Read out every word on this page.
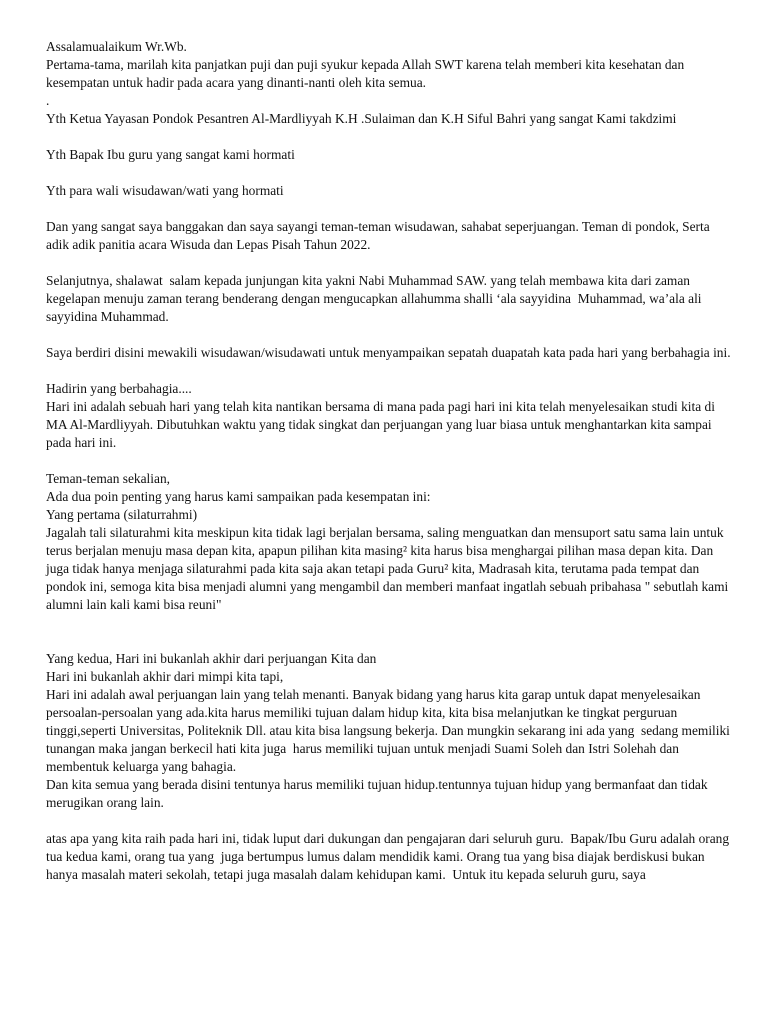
Assalamualaikum Wr.Wb.

Pertama-tama, marilah kita panjatkan puji dan puji syukur kepada Allah SWT karena telah memberi kita kesehatan dan kesempatan untuk hadir pada acara yang dinanti-nanti oleh kita semua.

.

Yth Ketua Yayasan Pondok Pesantren Al-Mardliyyah K.H .Sulaiman dan K.H Siful Bahri yang sangat Kami takdzimi

Yth Bapak Ibu guru yang sangat kami hormati

Yth para wali wisudawan/wati yang hormati

Dan yang sangat saya banggakan dan saya sayangi teman-teman wisudawan, sahabat seperjuangan. Teman di pondok, Serta adik adik panitia acara Wisuda dan Lepas Pisah Tahun 2022.

Selanjutnya, shalawat  salam kepada junjungan kita yakni Nabi Muhammad SAW. yang telah membawa kita dari zaman kegelapan menuju zaman terang benderang dengan mengucapkan allahumma shalli ‘ala sayyidina  Muhammad, wa’ala ali sayyidina Muhammad.

Saya berdiri disini mewakili wisudawan/wisudawati untuk menyampaikan sepatah duapatah kata pada hari yang berbahagia ini.

Hadirin yang berbahagia....

Hari ini adalah sebuah hari yang telah kita nantikan bersama di mana pada pagi hari ini kita telah menyelesaikan studi kita di MA Al-Mardliyyah. Dibutuhkan waktu yang tidak singkat dan perjuangan yang luar biasa untuk menghantarkan kita sampai pada hari ini.

Teman-teman sekalian,

Ada dua poin penting yang harus kami sampaikan pada kesempatan ini:

Yang pertama (silaturrahmi)

Jagalah tali silaturahmi kita meskipun kita tidak lagi berjalan bersama, saling menguatkan dan mensuport satu sama lain untuk terus berjalan menuju masa depan kita, apapun pilihan kita masing² kita harus bisa menghargai pilihan masa depan kita. Dan juga tidak hanya menjaga silaturahmi pada kita saja akan tetapi pada Guru² kita, Madrasah kita, terutama pada tempat dan pondok ini, semoga kita bisa menjadi alumni yang mengambil dan memberi manfaat ingatlah sebuah pribahasa " sebutlah kami alumni lain kali kami bisa reuni"

Yang kedua, Hari ini bukanlah akhir dari perjuangan Kita dan

Hari ini bukanlah akhir dari mimpi kita tapi,

Hari ini adalah awal perjuangan lain yang telah menanti. Banyak bidang yang harus kita garap untuk dapat menyelesaikan persoalan-persoalan yang ada.kita harus memiliki tujuan dalam hidup kita, kita bisa melanjutkan ke tingkat perguruan tinggi,seperti Universitas, Politeknik Dll. atau kita bisa langsung bekerja. Dan mungkin sekarang ini ada yang  sedang memiliki tunangan maka jangan berkecil hati kita juga  harus memiliki tujuan untuk menjadi Suami Soleh dan Istri Solehah dan membentuk keluarga yang bahagia.

Dan kita semua yang berada disini tentunya harus memiliki tujuan hidup.tentunnya tujuan hidup yang bermanfaat dan tidak merugikan orang lain.

atas apa yang kita raih pada hari ini, tidak luput dari dukungan dan pengajaran dari seluruh guru.  Bapak/Ibu Guru adalah orang tua kedua kami, orang tua yang  juga bertumpus lumus dalam mendidik kami. Orang tua yang bisa diajak berdiskusi bukan hanya masalah materi sekolah, tetapi juga masalah dalam kehidupan kami.  Untuk itu kepada seluruh guru, saya
